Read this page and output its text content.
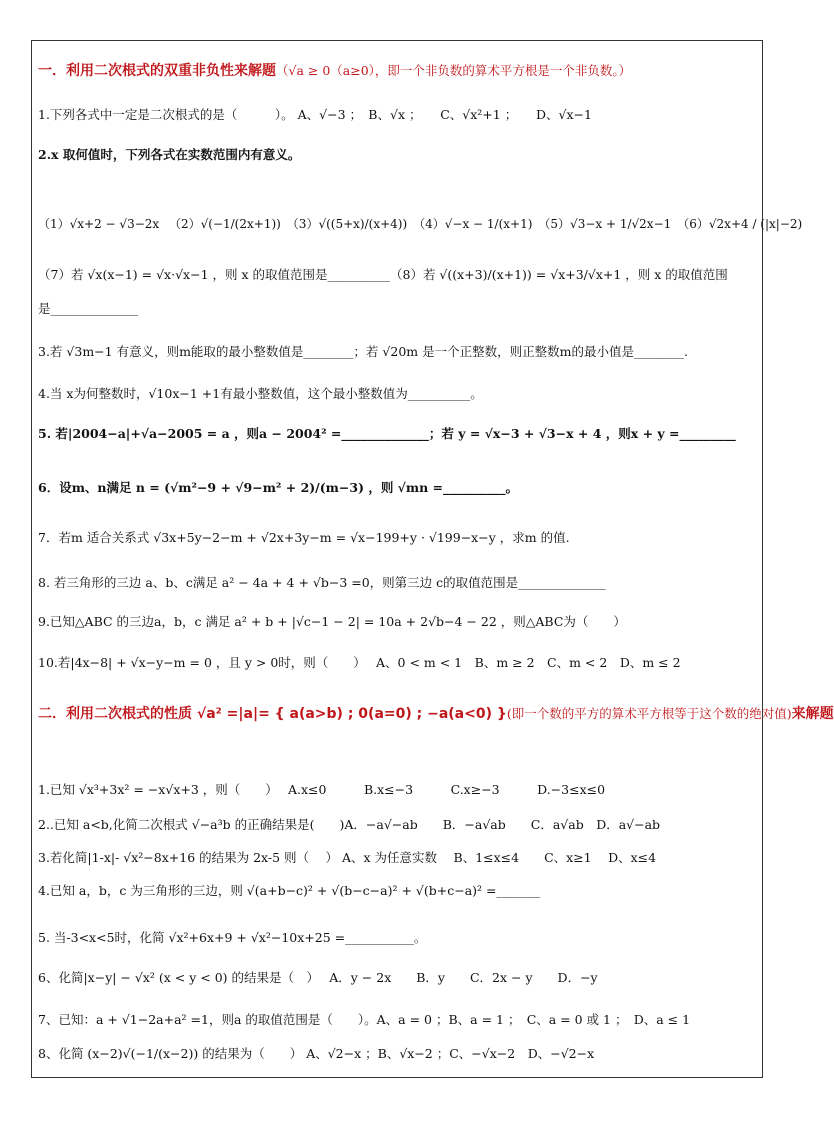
一．利用二次根式的双重非负性来解题（√a ≥ 0（a≥0），即一个非负数的算术平方根是一个非负数。）
1.下列各式中一定是二次根式的是（　　　）。 A、√−3 ；　B、√x ；　　C、√x²+1 ；　　D、√x−1
2.x 取何值时，下列各式在实数范围内有意义。
（1）√x+2 − √3−2x 　（2）√(−1/(2x+1))　（3）√((5+x)/(x+4))　（4）√−x − 1/(x+1)　（5）√3−x + 1/√2x−1　（6）√2x+4 / (|x|−2)
（7）若 √x(x−1) = √x·√x−1 ，则 x 的取值范围是__________（8）若 √((x+3)/(x+1)) = √x+3/√x+1 ，则 x 的取值范围
是______________
3.若 √3m−1 有意义，则m能取的最小整数值是________；若 √20m 是一个正整数，则正整数m的最小值是________.
4.当 x为何整数时，√10x−1 +1有最小整数值，这个最小整数值为__________。
5. 若|2004−a|+√a−2005 = a ，则a − 2004² =______________；若 y = √x−3 + √3−x + 4 ，则x + y =_________
6．设m、n满足 n = (√m²−9 + √9−m² + 2)/(m−3) ，则 √mn =__________。
7．若m 适合关系式 √3x+5y−2−m + √2x+3y−m = √x−199+y · √199−x−y ，求m 的值.
8. 若三角形的三边 a、b、c满足 a² − 4a + 4 + √b−3 =0，则第三边 c的取值范围是______________
9.已知△ABC 的三边a，b，c 满足 a² + b + |√c−1 − 2| = 10a + 2√b−4 − 22 ，则△ABC为（　　）
10.若|4x−8| + √x−y−m = 0 ，且 y > 0时，则（　　）　 A、0 < m < 1　B、m ≥ 2　C、m < 2　D、m ≤ 2
二．利用二次根式的性质 √a² =|a|= { a(a>b) ; 0(a=0) ; −a(a<0) }(即一个数的平方的算术平方根等于这个数的绝对值)来解题
1.已知 √x³+3x² = −x√x+3 ，则（　　）　 A.x≤0　　　B.x≤−3　　　C.x≥−3　　　D.−3≤x≤0
2..已知 a<b,化简二次根式 √−a³b 的正确结果是(　　)A．−a√−ab　　B．−a√ab　　C．a√ab　D．a√−ab
3.若化简|1-x|- √x²−8x+16 的结果为 2x-5 则（　 ） A、x 为任意实数　 B、1≤x≤4　　C、x≥1　 D、x≤4
4.已知 a，b，c 为三角形的三边，则 √(a+b−c)² + √(b−c−a)² + √(b+c−a)² =_______
5. 当-3<x<5时，化简 √x²+6x+9 + √x²−10x+25 =___________。
6、化简|x−y| − √x² (x < y < 0) 的结果是（　）　 A．y − 2x　　B．y　　C．2x − y　　D．−y
7、已知：a + √1−2a+a² =1，则a 的取值范围是（　　）。A、a = 0 ；B、a = 1 ；　C、a = 0 或 1 ；　D、a ≤ 1
8、化简 (x−2)√(−1/(x−2)) 的结果为（　　） A、√2−x ；B、√x−2 ；C、−√x−2　D、−√2−x
